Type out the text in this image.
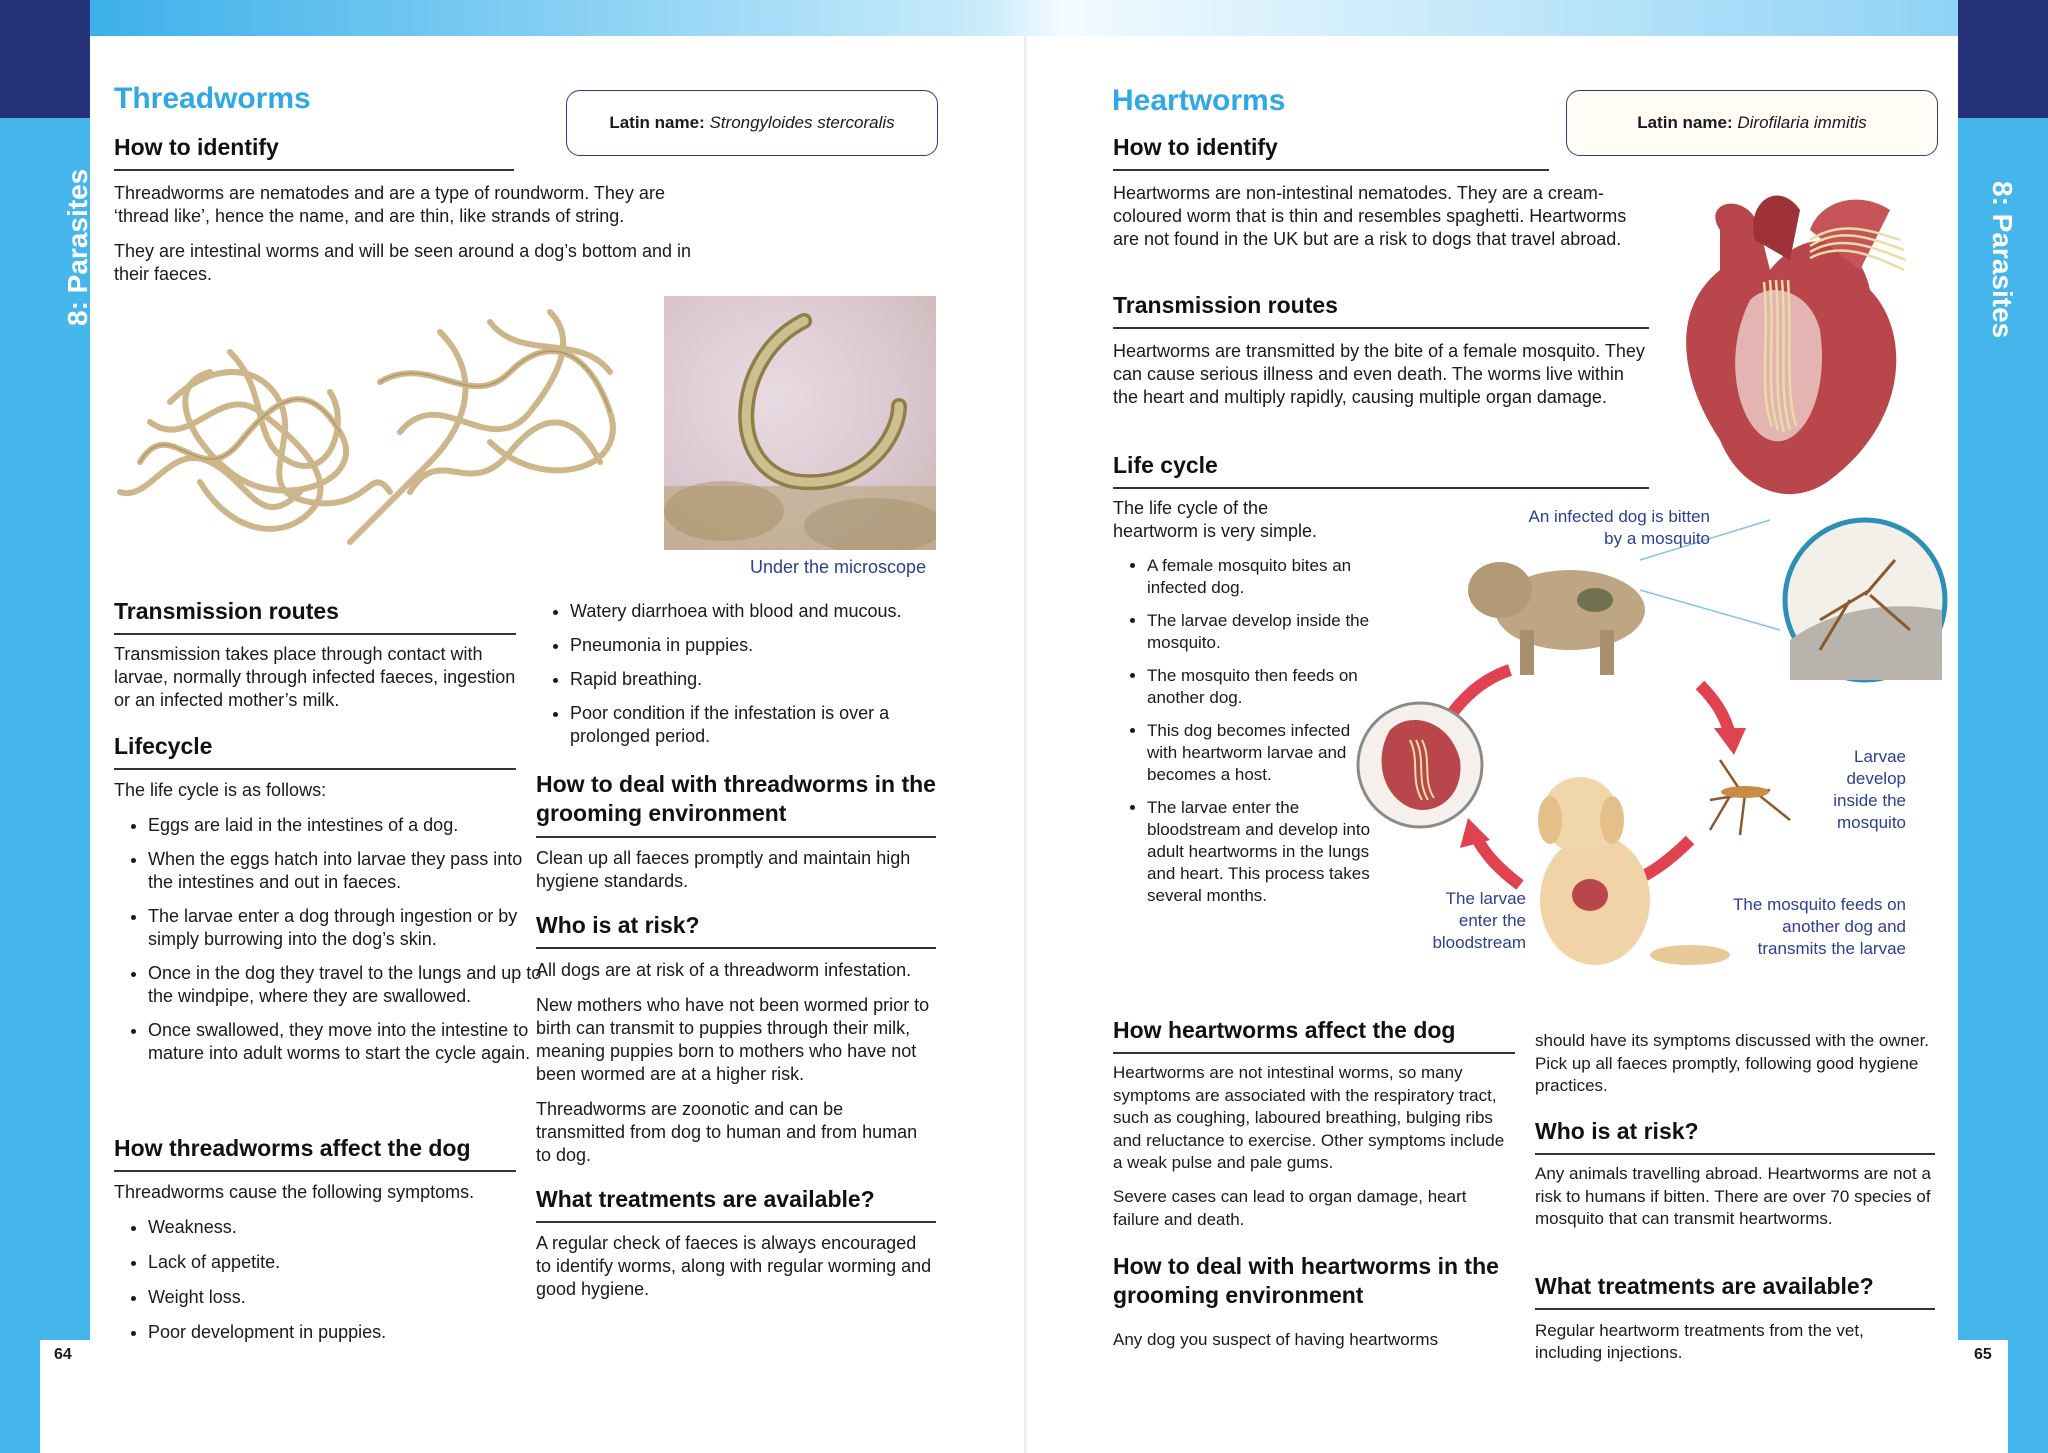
8: Parasites	8: Parasites
64	65
Threadworms
Latin name : Strongyloides stercoralis
How to identify

Threadworms are nematodes and are a type of roundworm. They are ‘thread like’, hence the name, and are thin, like strands of string.

They are intestinal worms and will be seen around a dog’s bottom and in their faeces.

Under the microscope
Transmission routes

Transmission takes place through contact with larvae, normally through infected faeces, ingestion or an infected mother’s milk.

Lifecycle

The life cycle is as follows:

• Eggs are laid in the intestines of a dog.
• When the eggs hatch into larvae they pass into the intestines and out in faeces.
• The larvae enter a dog through ingestion or by simply burrowing into the dog’s skin.
• Once in the dog they travel to the lungs and up to the windpipe, where they are swallowed.
• Once swallowed, they move into the intestine to mature into adult worms to start the cycle again.
How threadworms affect the dog

Threadworms cause the following symptoms.

• Weakness.
• Lack of appetite.
• Weight loss.
• Poor development in puppies.
• Watery diarrhoea with blood and mucous.
• Pneumonia in puppies.
• Rapid breathing.
• Poor condition if the infestation is over a prolonged period.
How to deal with threadworms in the grooming environment

Clean up all faeces promptly and maintain high hygiene standards.

Who is at risk?

All dogs are at risk of a threadworm infestation.

New mothers who have not been wormed prior to birth can transmit to puppies through their milk, meaning puppies born to mothers who have not been wormed are at a higher risk.

Threadworms are zoonotic and can be transmitted from dog to human and from human to dog.

What treatments are available?

A regular check of faeces is always encouraged to identify worms, along with regular worming and good hygiene.

Heartworms
Latin name : Dirofilaria immitis
How to identify

Heartworms are non-intestinal nematodes. They are a cream-coloured worm that is thin and resembles spaghetti. Heartworms are not found in the UK but are a risk to dogs that travel abroad.

Transmission routes

Heartworms are transmitted by the bite of a female mosquito. They can cause serious illness and even death. The worms live within the heart and multiply rapidly, causing multiple organ damage.

Life cycle

The life cycle of the heartworm is very simple.

• A female mosquito bites an infected dog.
• The larvae develop inside the mosquito.
• The mosquito then feeds on another dog.
• This dog becomes infected with heartworm larvae and becomes a host.
• The larvae enter the bloodstream and develop into adult heartworms in the lungs and heart. This process takes several months.
An infected dog is bitten by a mosquito
Larvae develop inside the mosquito
The mosquito feeds on another dog and transmits the larvae
The larvae enter the bloodstream
How heartworms affect the dog

Heartworms are not intestinal worms, so many symptoms are associated with the respiratory tract, such as coughing, laboured breathing, bulging ribs and reluctance to exercise. Other symptoms include a weak pulse and pale gums.

Severe cases can lead to organ damage, heart failure and death.

How to deal with heartworms in the grooming environment

Any dog you suspect of having heartworms

should have its symptoms discussed with the owner. Pick up all faeces promptly, following good hygiene practices.

Who is at risk?

Any animals travelling abroad. Heartworms are not a risk to humans if bitten. There are over 70 species of mosquito that can transmit heartworms.

What treatments are available?

Regular heartworm treatments from the vet, including injections.
